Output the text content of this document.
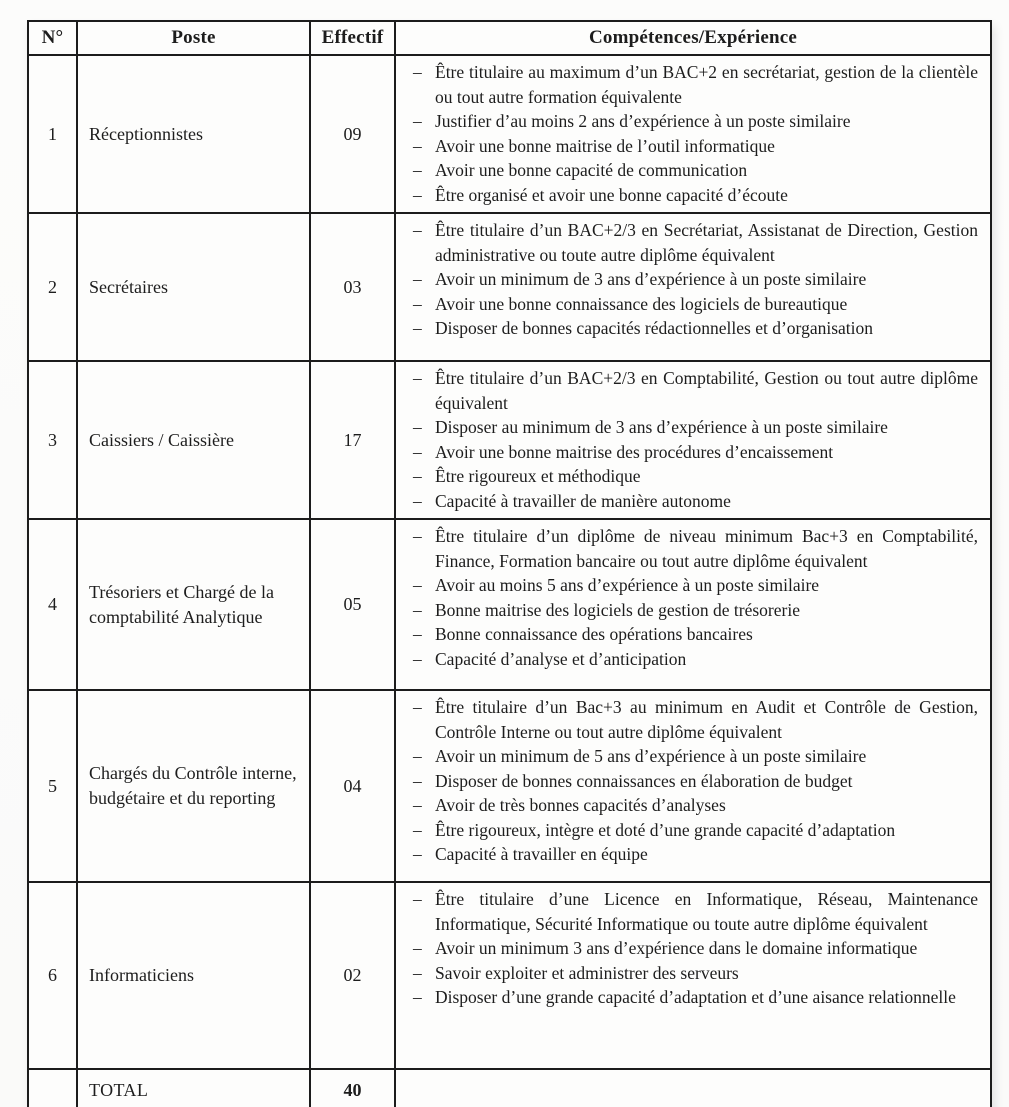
N°	Poste	Effectif	Compétences/Expérience
1	Réceptionnistes	09	
– Être titulaire au maximum d’un BAC+2 en secrétariat, gestion de la clientèle ou tout autre formation équivalente
– Justifier d’au moins 2 ans d’expérience à un poste similaire
– Avoir une bonne maitrise de l’outil informatique
– Avoir une bonne capacité de communication
– Être organisé et avoir une bonne capacité d’écoute

2	Secrétaires	03	
– Être titulaire d’un BAC+2/3 en Secrétariat, Assistanat de Direction, Gestion administrative ou toute autre diplôme équivalent
– Avoir un minimum de 3 ans d’expérience à un poste similaire
– Avoir une bonne connaissance des logiciels de bureautique
– Disposer de bonnes capacités rédactionnelles et d’organisation

3	Caissiers / Caissière	17	
– Être titulaire d’un BAC+2/3 en Comptabilité, Gestion ou tout autre diplôme équivalent
– Disposer au minimum de 3 ans d’expérience à un poste similaire
– Avoir une bonne maitrise des procédures d’encaissement
– Être rigoureux et méthodique
– Capacité à travailler de manière autonome

4	Trésoriers et Chargé de la comptabilité Analytique	05	
– Être titulaire d’un diplôme de niveau minimum Bac+3 en Comptabilité, Finance, Formation bancaire ou tout autre diplôme équivalent
– Avoir au moins 5 ans d’expérience à un poste similaire
– Bonne maitrise des logiciels de gestion de trésorerie
– Bonne connaissance des opérations bancaires
– Capacité d’analyse et d’anticipation

5	Chargés du Contrôle interne, budgétaire et du reporting	04	
– Être titulaire d’un Bac+3 au minimum en Audit et Contrôle de Gestion, Contrôle Interne ou tout autre diplôme équivalent
– Avoir un minimum de 5 ans d’expérience à un poste similaire
– Disposer de bonnes connaissances en élaboration de budget
– Avoir de très bonnes capacités d’analyses
– Être rigoureux, intègre et doté d’une grande capacité d’adaptation
– Capacité à travailler en équipe

6	Informaticiens	02	
– Être titulaire d’une Licence en Informatique, Réseau, Maintenance Informatique, Sécurité Informatique ou toute autre diplôme équivalent
– Avoir un minimum 3 ans d’expérience dans le domaine informatique
– Savoir exploiter et administrer des serveurs
– Disposer d’une grande capacité d’adaptation et d’une aisance relationnelle

	TOTAL	40	
